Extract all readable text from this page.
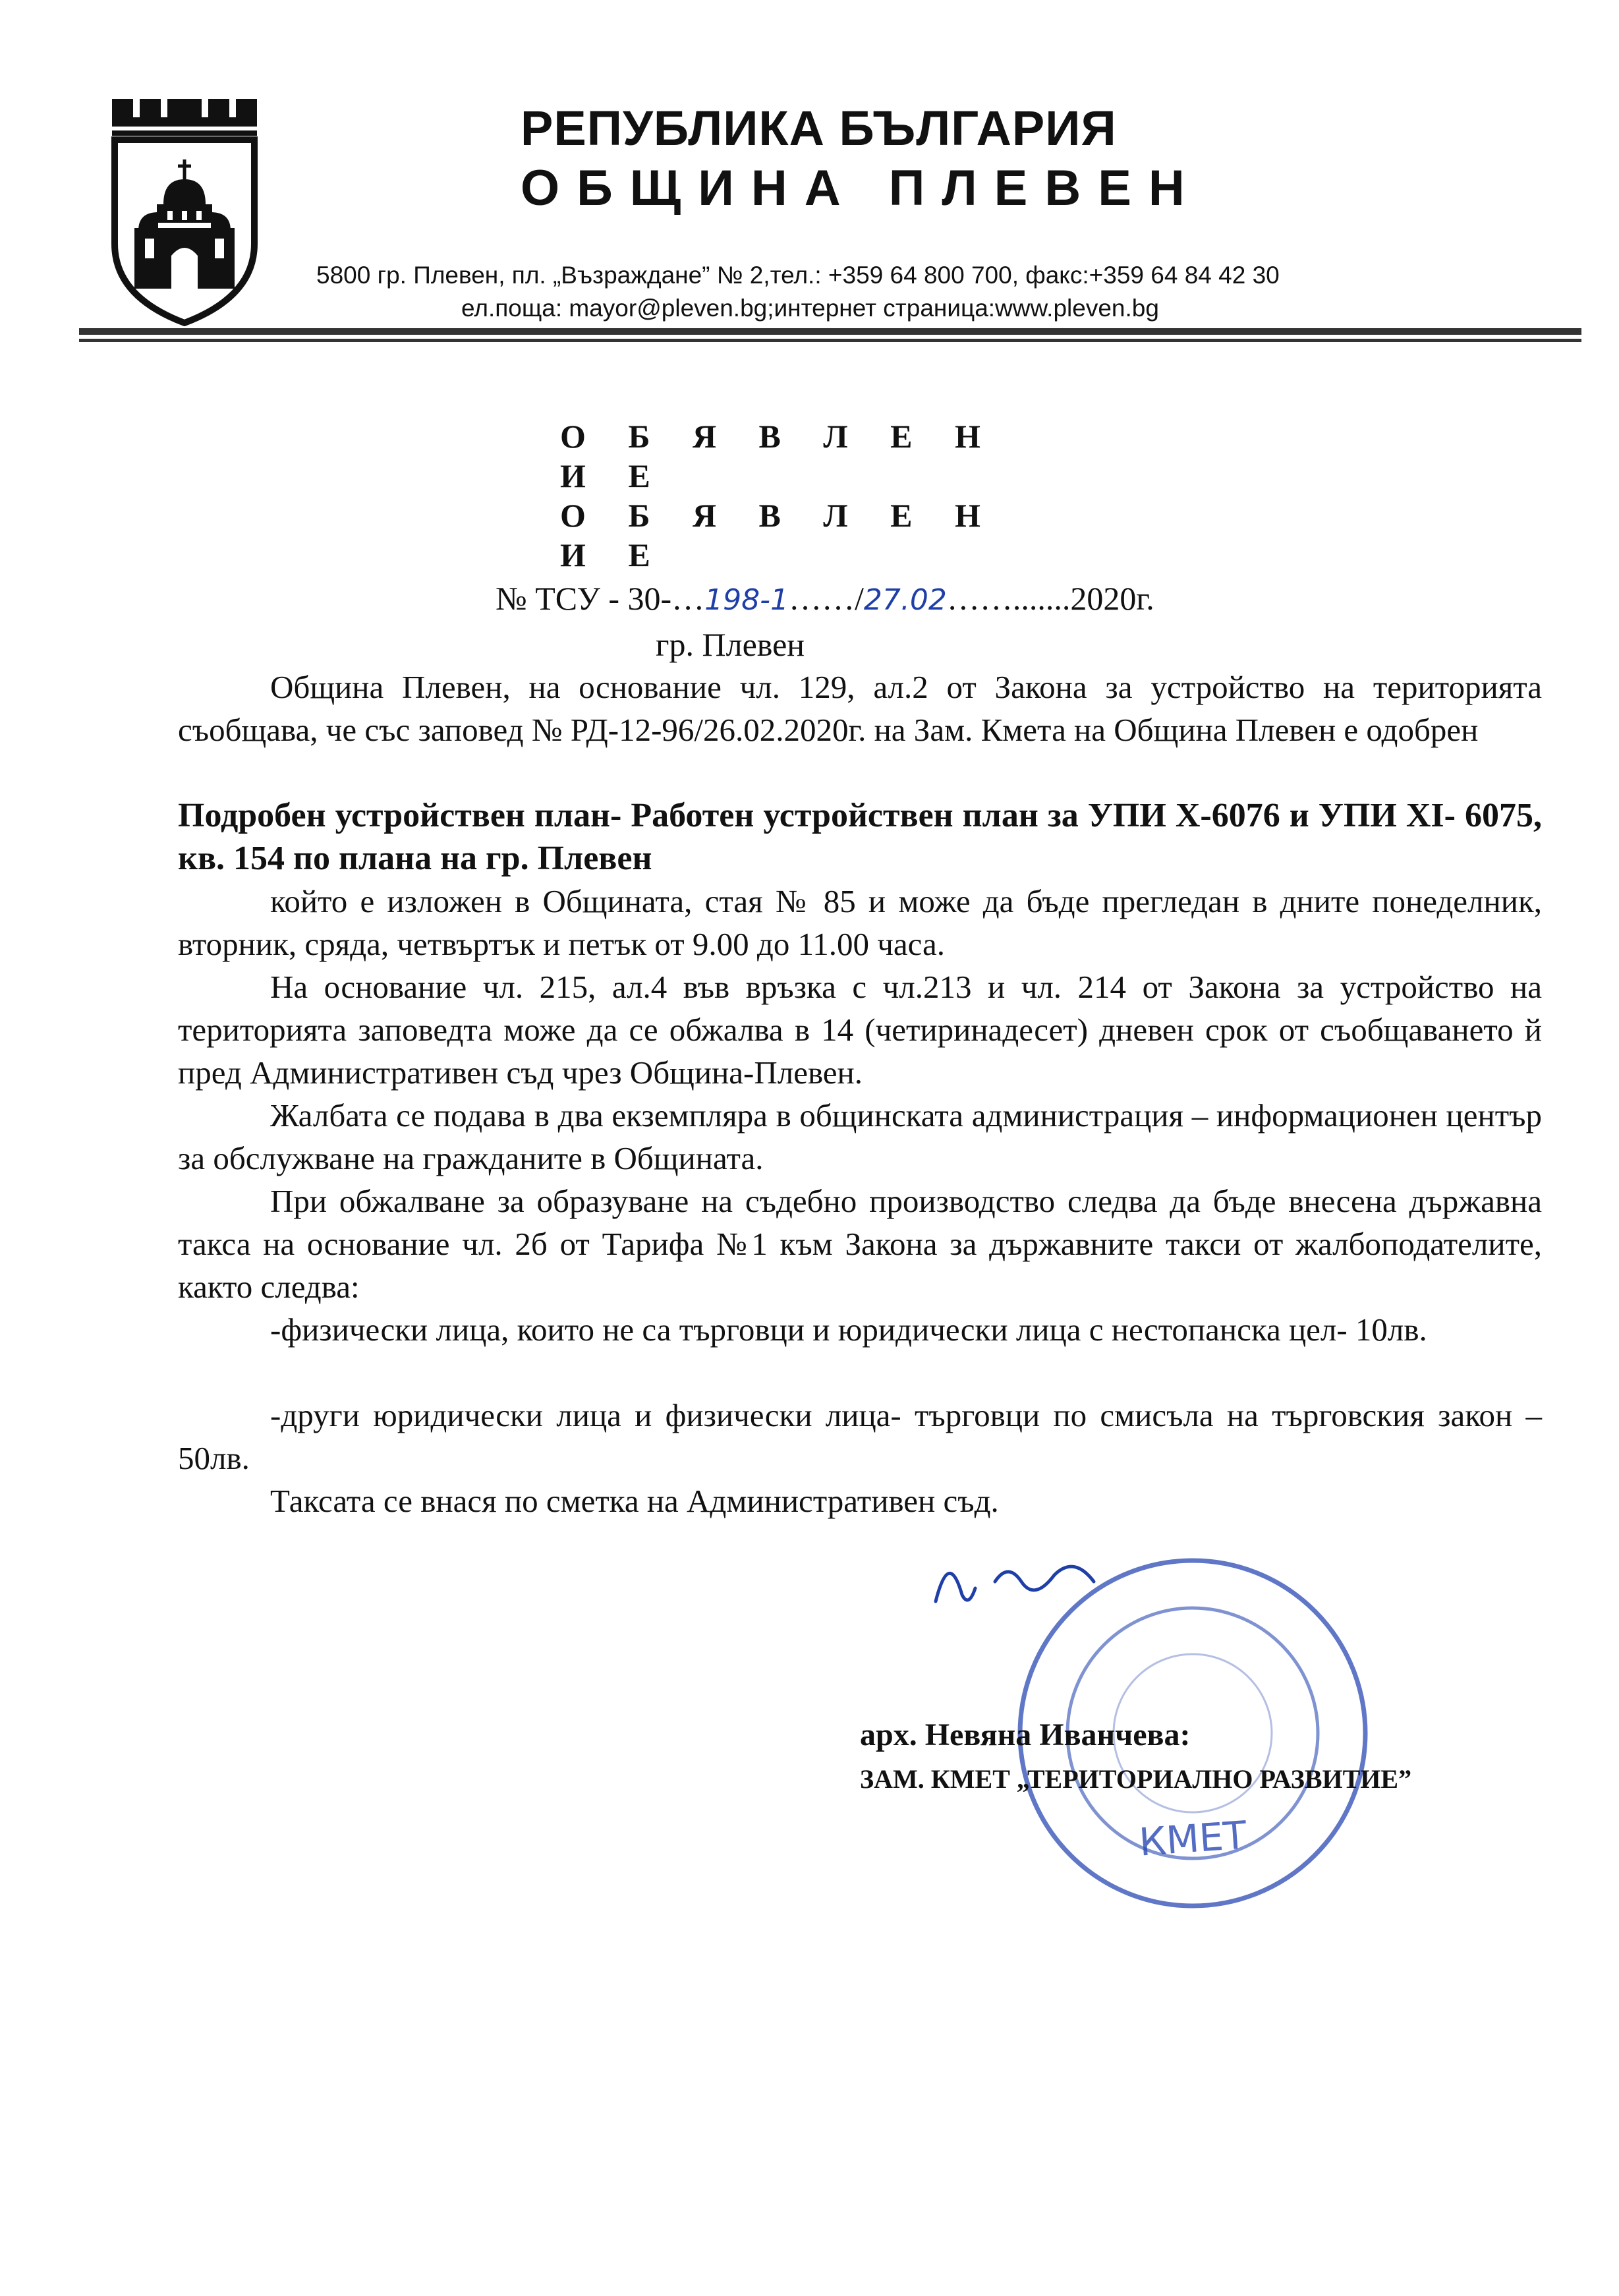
РЕПУБЛИКА БЪЛГАРИЯ
ОБЩИНА ПЛЕВЕН
5800 гр. Плевен, пл. „Възраждане” № 2,тел.: +359 64 800 700, факс:+359 64 84 42 30
ел.поща: mayor@pleven.bg;интернет страница:www.pleven.bg
О Б Я В Л Е Н И Е
О Б Я В Л Е Н И Е
№ ТСУ - 30-…198-1……/27.02…….......2020г.
гр. Плевен

Община Плевен, на основание чл. 129, ал.2 от Закона за устройство на територията съобщава, че със заповед № РД-12-96/26.02.2020г. на Зам. Кмета на Община Плевен е одобрен

Подробен устройствен план- Работен устройствен план за УПИ Х-6076 и УПИ ХI- 6075, кв. 154 по плана на гр. Плевен

който е изложен в Общината, стая № 85 и може да бъде прегледан в дните понеделник, вторник, сряда, четвъртък и петък от 9.00 до 11.00 часа.

На основание чл. 215, ал.4 във връзка с чл.213 и чл. 214 от Закона за устройство на територията заповедта може да се обжалва в 14 (четиринадесет) дневен срок от съобщаването й пред Административен съд чрез Община-Плевен.

Жалбата се подава в два екземпляра в общинската администрация – информационен център за обслужване на гражданите в Общината.

При обжалване за образуване на съдебно производство следва да бъде внесена държавна такса на основание чл. 2б от Тарифа №1 към Закона за държавните такси от жалбоподателите, както следва:

-физически лица, които не са търговци и юридически лица с нестопанска цел- 10лв.

-други юридически лица и физически лица- търговци по смисъла на търговския закон –50лв.

Таксата се внася по сметка на Административен съд.

КМЕТ
арх. Невяна Иванчева:
ЗАМ. КМЕТ „ТЕРИТОРИАЛНО РАЗВИТИЕ”
